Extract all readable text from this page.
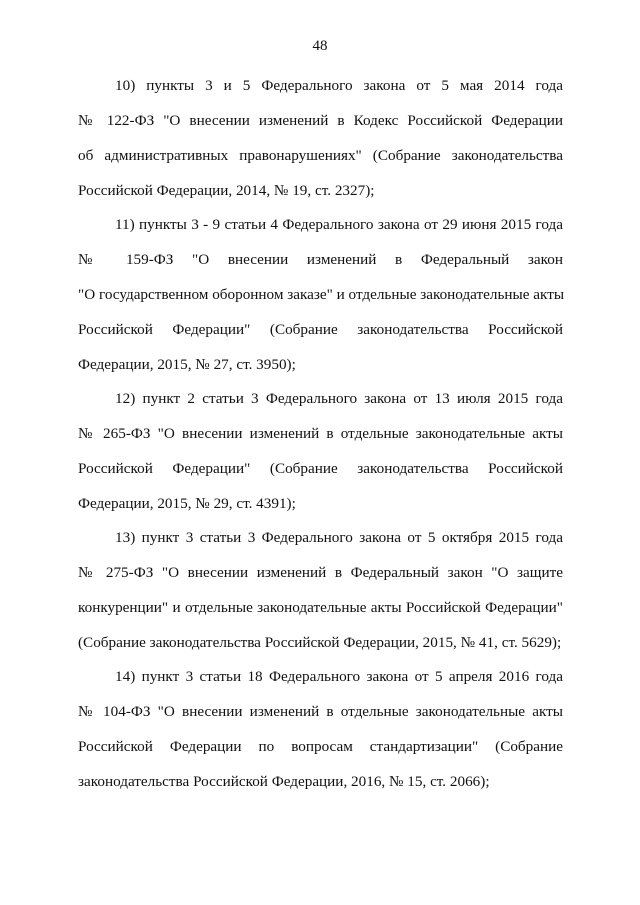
48
10) пункты 3 и 5 Федерального закона от 5 мая 2014 года
№ 122-ФЗ "О внесении изменений в Кодекс Российской Федерации
об административных правонарушениях" (Собрание законодательства
Российской Федерации, 2014, № 19, ст. 2327);
11) пункты 3 - 9 статьи 4 Федерального закона от 29 июня 2015 года
№ 159-ФЗ "О внесении изменений в Федеральный закон
"О государственном оборонном заказе" и отдельные законодательные акты
Российской Федерации" (Собрание законодательства Российской
Федерации, 2015, № 27, ст. 3950);
12) пункт 2 статьи 3 Федерального закона от 13 июля 2015 года
№ 265-ФЗ "О внесении изменений в отдельные законодательные акты
Российской Федерации" (Собрание законодательства Российской
Федерации, 2015, № 29, ст. 4391);
13) пункт 3 статьи 3 Федерального закона от 5 октября 2015 года
№ 275-ФЗ "О внесении изменений в Федеральный закон "О защите
конкуренции" и отдельные законодательные акты Российской Федерации"
(Собрание законодательства Российской Федерации, 2015, № 41, ст. 5629);
14) пункт 3 статьи 18 Федерального закона от 5 апреля 2016 года
№ 104-ФЗ "О внесении изменений в отдельные законодательные акты
Российской Федерации по вопросам стандартизации" (Собрание
законодательства Российской Федерации, 2016, № 15, ст. 2066);
